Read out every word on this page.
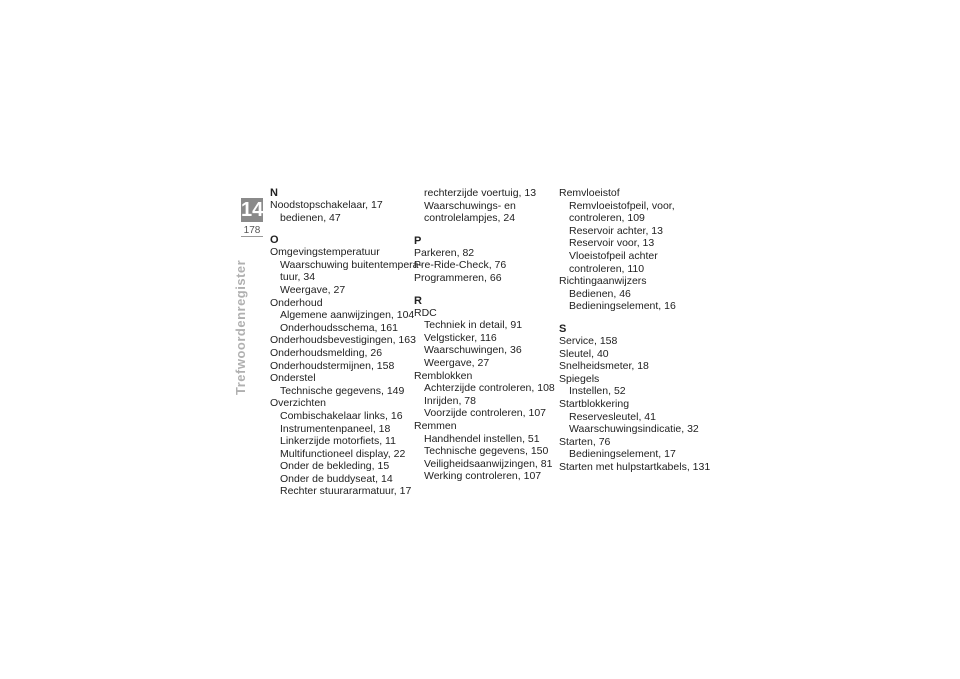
14
178
Trefwoordenregister
N
Noodstopschakelaar, 17
bedienen, 47
O
Omgevingstemperatuur
Waarschuwing buitentempera-
tuur, 34
Weergave, 27
Onderhoud
Algemene aanwijzingen, 104
Onderhoudsschema, 161
Onderhoudsbevestigingen, 163
Onderhoudsmelding, 26
Onderhoudstermijnen, 158
Onderstel
Technische gegevens, 149
Overzichten
Combischakelaar links, 16
Instrumentenpaneel, 18
Linkerzijde motorfiets, 11
Multifunctioneel display, 22
Onder de bekleding, 15
Onder de buddyseat, 14
Rechter stuurararmatuur, 17
rechterzijde voertuig, 13
Waarschuwings- en
controlelampjes, 24
P
Parkeren, 82
Pre-Ride-Check, 76
Programmeren, 66
R
RDC
Techniek in detail, 91
Velgsticker, 116
Waarschuwingen, 36
Weergave, 27
Remblokken
Achterzijde controleren, 108
Inrijden, 78
Voorzijde controleren, 107
Remmen
Handhendel instellen, 51
Technische gegevens, 150
Veiligheidsaanwijzingen, 81
Werking controleren, 107
Remvloeistof
Remvloeistofpeil, voor,
controleren, 109
Reservoir achter, 13
Reservoir voor, 13
Vloeistofpeil achter
controleren, 110
Richtingaanwijzers
Bedienen, 46
Bedieningselement, 16
S
Service, 158
Sleutel, 40
Snelheidsmeter, 18
Spiegels
Instellen, 52
Startblokkering
Reservesleutel, 41
Waarschuwingsindicatie, 32
Starten, 76
Bedieningselement, 17
Starten met hulpstartkabels, 131
